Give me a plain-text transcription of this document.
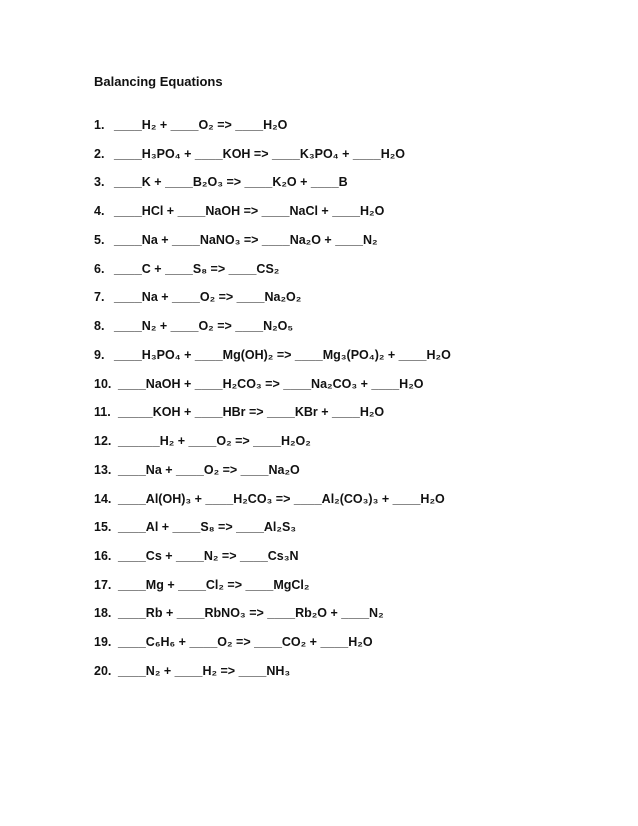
Balancing Equations
1. ____H₂ + ____O₂ => ____H₂O
2. ____H₃PO₄ + ____KOH => ____K₃PO₄ + ____H₂O
3. ____K + ____B₂O₃ => ____K₂O + ____B
4. ____HCl + ____NaOH => ____NaCl + ____H₂O
5. ____Na + ____NaNO₃ => ____Na₂O + ____N₂
6. ____C + ____S₈ => ____CS₂
7. ____Na + ____O₂ => ____Na₂O₂
8. ____N₂ + ____O₂ => ____N₂O₅
9. ____H₃PO₄ + ____Mg(OH)₂ => ____Mg₃(PO₄)₂ + ____H₂O
10. ____NaOH + ____H₂CO₃ => ____Na₂CO₃ + ____H₂O
11. _____KOH + ____HBr => ____KBr + ____H₂O
12. ______H₂ + ____O₂ => ____H₂O₂
13. ____Na + ____O₂ => ____Na₂O
14. ____Al(OH)₃ + ____H₂CO₃ => ____Al₂(CO₃)₃ + ____H₂O
15. ____Al + ____S₈ => ____Al₂S₃
16. ____Cs + ____N₂ => ____Cs₃N
17. ____Mg + ____Cl₂ => ____MgCl₂
18. ____Rb + ____RbNO₃ => ____Rb₂O + ____N₂
19. ____C₆H₆ + ____O₂ => ____CO₂ + ____H₂O
20. ____N₂ + ____H₂ => ____NH₃
